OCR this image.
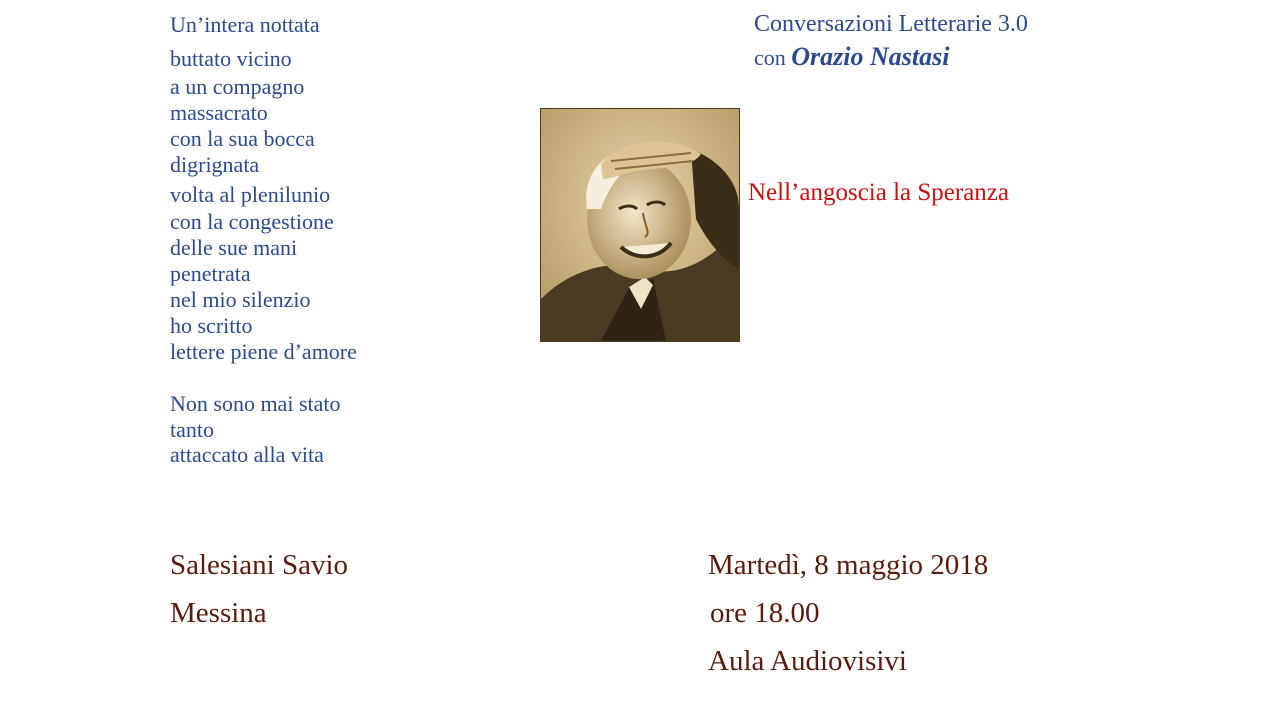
Un’intera nottata
buttato vicino
a un compagno
massacrato
con la sua bocca
digrignata
volta al plenilunio
con la congestione
delle sue mani
penetrata
nel mio silenzio
ho scritto
lettere piene d’amore
Non sono mai stato
tanto
attaccato alla vita
Conversazioni Letterarie 3.0
con Orazio Nastasi
Nell’angoscia la Speranza
Salesiani Savio
Messina
Martedì, 8 maggio 2018
ore 18.00
Aula Audiovisivi
